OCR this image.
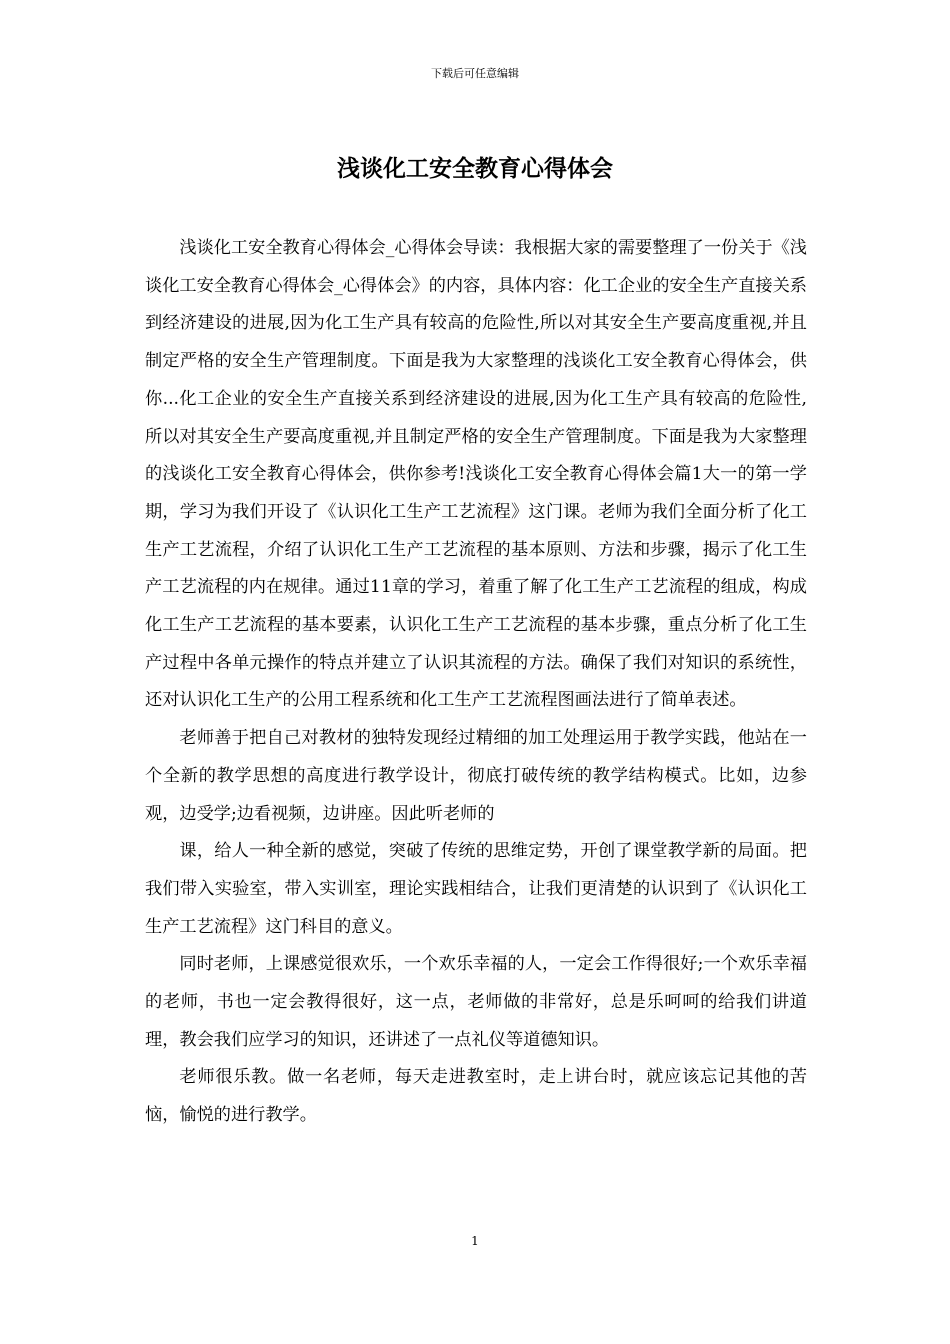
下载后可任意编辑
浅谈化工安全教育心得体会

浅谈化工安全教育心得体会_心得体会导读：我根据大家的需要整理了一份关于《浅谈化工安全教育心得体会_心得体会》的内容，具体内容：化工企业的安全生产直接关系到经济建设的进展,因为化工生产具有较高的危险性,所以对其安全生产要高度重视,并且制定严格的安全生产管理制度。下面是我为大家整理的浅谈化工安全教育心得体会，供你...化工企业的安全生产直接关系到经济建设的进展,因为化工生产具有较高的危险性,所以对其安全生产要高度重视,并且制定严格的安全生产管理制度。下面是我为大家整理的浅谈化工安全教育心得体会，供你参考!浅谈化工安全教育心得体会篇1大一的第一学期，学习为我们开设了《认识化工生产工艺流程》这门课。老师为我们全面分析了化工生产工艺流程，介绍了认识化工生产工艺流程的基本原则、方法和步骤，揭示了化工生产工艺流程的内在规律。通过11章的学习，着重了解了化工生产工艺流程的组成，构成化工生产工艺流程的基本要素，认识化工生产工艺流程的基本步骤，重点分析了化工生产过程中各单元操作的特点并建立了认识其流程的方法。确保了我们对知识的系统性，还对认识化工生产的公用工程系统和化工生产工艺流程图画法进行了简单表述。

老师善于把自己对教材的独特发现经过精细的加工处理运用于教学实践，他站在一个全新的教学思想的高度进行教学设计，彻底打破传统的教学结构模式。比如，边参观，边受学;边看视频，边讲座。因此听老师的

课，给人一种全新的感觉，突破了传统的思维定势，开创了课堂教学新的局面。把我们带入实验室，带入实训室，理论实践相结合，让我们更清楚的认识到了《认识化工生产工艺流程》这门科目的意义。

同时老师，上课感觉很欢乐，一个欢乐幸福的人，一定会工作得很好;一个欢乐幸福的老师，书也一定会教得很好，这一点，老师做的非常好，总是乐呵呵的给我们讲道理，教会我们应学习的知识，还讲述了一点礼仪等道德知识。

老师很乐教。做一名老师，每天走进教室时，走上讲台时，就应该忘记其他的苦恼，愉悦的进行教学。

1
